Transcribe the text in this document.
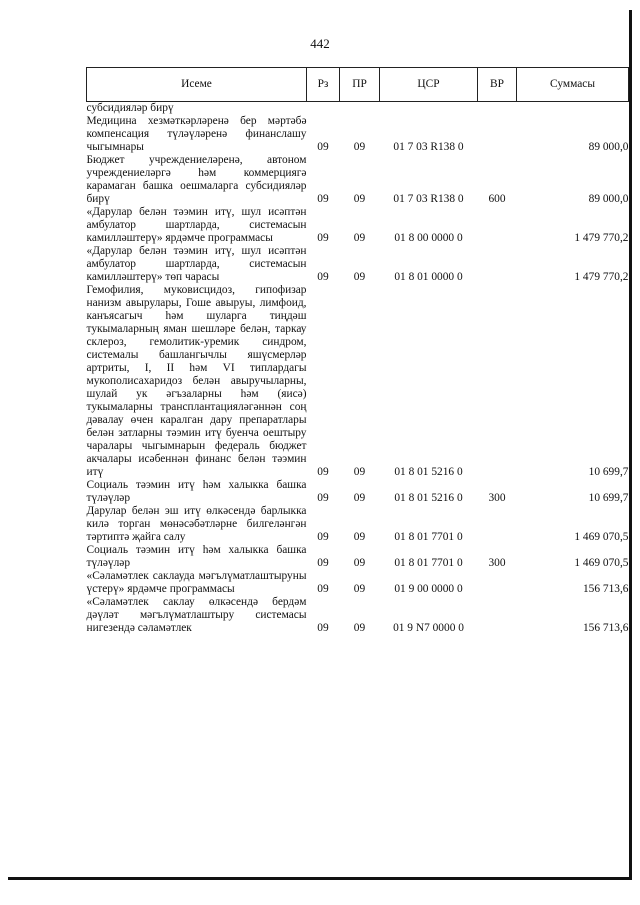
442
Исеме	Рз	ПР	ЦСР	ВР	Суммасы
субсидияләр бирү					
Медицина хезмәткәрләренә бер мәртәбә компенсация түләүләренә финанслашу чыгымнары	09	09	01 7 03 R138 0		89 000,0
Бюджет учреждениеләренә, автоном учреждениеләргә һәм коммерциягә карамаган башка оешмаларга субсидияләр бирү	09	09	01 7 03 R138 0	600	89 000,0
«Дарулар белән тәэмин итү, шул исәптән амбулатор шартларда, системасын камилләштерү» ярдәмче программасы	09	09	01 8 00 0000 0		1 479 770,2
«Дарулар белән тәэмин итү, шул исәптән амбулатор шартларда, системасын камилләштерү» төп чарасы	09	09	01 8 01 0000 0		1 479 770,2
Гемофилия, муковисцидоз, гипофизар нанизм авырулары, Гоше авыруы, лимфоид, канъясагыч һәм шуларга тиңдәш тукымаларның яман шешләре белән, таркау склероз, гемолитик-уремик синдром, системалы башлангычлы яшүсмерләр артриты, I, II һәм VI типлардагы мукополисахаридоз белән авыручыларны, шулай ук әгъзаларны һәм (яисә) тукымаларны трансплантацияләгәннән соң дәвалау өчен каралган дару препаратлары белән затларны тәэмин итү буенча оештыру чаралары чыгымнарын федераль бюджет акчалары исәбеннән финанс белән тәэмин итү	09	09	01 8 01 5216 0		10 699,7
Социаль тәэмин итү һәм халыкка башка түләүләр	09	09	01 8 01 5216 0	300	10 699,7
Дарулар белән эш итү өлкәсендә барлыкка килә торган мөнәсәбәтләрне билгеләнгән тәртиптә җайга салу	09	09	01 8 01 7701 0		1 469 070,5
Социаль тәэмин итү һәм халыкка башка түләүләр	09	09	01 8 01 7701 0	300	1 469 070,5
«Сәламәтлек саклауда мәгълүматлаштыруны үстерү» ярдәмче программасы	09	09	01 9 00 0000 0		156 713,6
«Сәламәтлек саклау өлкәсендә бердәм дәүләт мәгълүматлаштыру системасы нигезендә сәламәтлек	09	09	01 9 N7 0000 0		156 713,6
